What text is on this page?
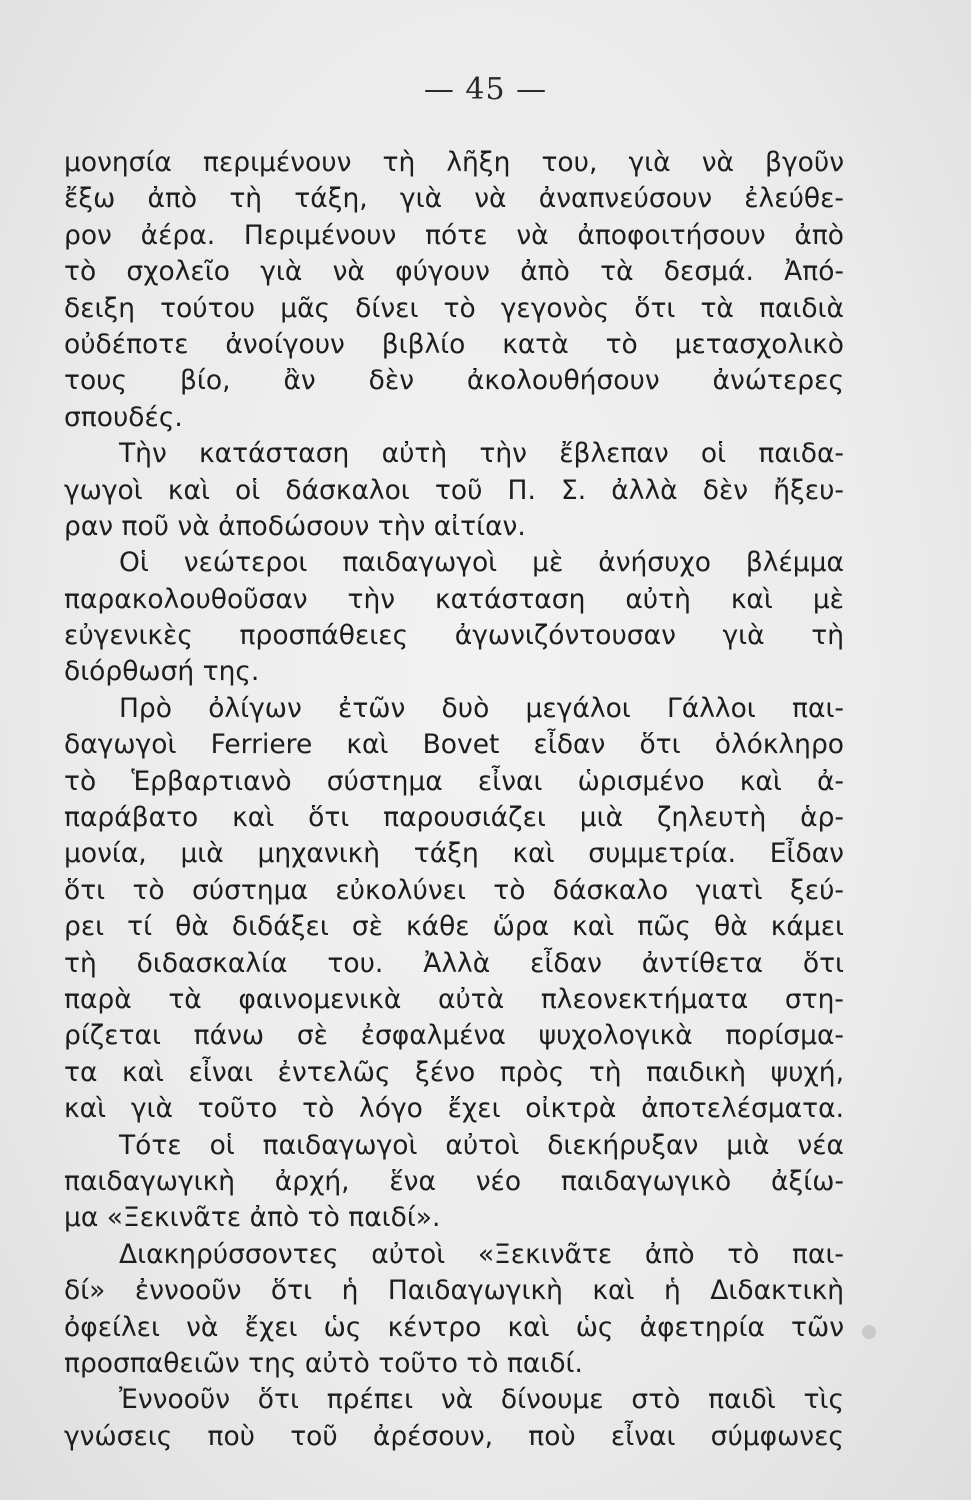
— 45 —
μονησία περιμένουν τὴ λῆξη του, γιὰ νὰ βγοῦν
ἔξω ἀπὸ τὴ τάξη, γιὰ νὰ ἀναπνεύσουν ἐλεύθε-
ρον ἀέρα. Περιμένουν πότε νὰ ἀποφοιτήσουν ἀπὸ
τὸ σχολεῖο γιὰ νὰ φύγουν ἀπὸ τὰ δεσμά. Ἀπό-
δειξη τούτου μᾶς δίνει τὸ γεγονὸς ὅτι τὰ παιδιὰ
οὐδέποτε ἀνοίγουν βιβλίο κατὰ τὸ μετασχολικὸ
τους βίο, ἂν δὲν ἀκολουθήσουν ἀνώτερες
σπουδές.
Τὴν κατάσταση αὐτὴ τὴν ἔβλεπαν οἱ παιδα-
γωγοὶ καὶ οἱ δάσκαλοι τοῦ Π. Σ. ἀλλὰ δὲν ἤξευ-
ραν ποῦ νὰ ἀποδώσουν τὴν αἰτίαν.
Οἱ νεώτεροι παιδαγωγοὶ μὲ ἀνήσυχο βλέμμα
παρακολουθοῦσαν τὴν κατάσταση αὐτὴ καὶ μὲ
εὐγενικὲς προσπάθειες ἀγωνιζόντουσαν γιὰ τὴ
διόρθωσή της.
Πρὸ ὀλίγων ἐτῶν δυὸ μεγάλοι Γάλλοι παι-
δαγωγοὶ Ferriere καὶ Bovet εἶδαν ὅτι ὁλόκληρο
τὸ Ἑρβαρτιανὸ σύστημα εἶναι ὡρισμένο καὶ ἀ-
παράβατο καὶ ὅτι παρουσιάζει μιὰ ζηλευτὴ ἁρ-
μονία, μιὰ μηχανικὴ τάξη καὶ συμμετρία. Εἶδαν
ὅτι τὸ σύστημα εὐκολύνει τὸ δάσκαλο γιατὶ ξεύ-
ρει τί θὰ διδάξει σὲ κάθε ὥρα καὶ πῶς θὰ κάμει
τὴ διδασκαλία του. Ἀλλὰ εἶδαν ἀντίθετα ὅτι
παρὰ τὰ φαινομενικὰ αὐτὰ πλεονεκτήματα στη-
ρίζεται πάνω σὲ ἐσφαλμένα ψυχολογικὰ πορίσμα-
τα καὶ εἶναι ἐντελῶς ξένο πρὸς τὴ παιδικὴ ψυχή,
καὶ γιὰ τοῦτο τὸ λόγο ἔχει οἰκτρὰ ἀποτελέσματα.
Τότε οἱ παιδαγωγοὶ αὐτοὶ διεκήρυξαν μιὰ νέα
παιδαγωγικὴ ἀρχή, ἕνα νέο παιδαγωγικὸ ἀξίω-
μα «Ξεκινᾶτε ἀπὸ τὸ παιδί».
Διακηρύσσοντες αὐτοὶ «Ξεκινᾶτε ἀπὸ τὸ παι-
δί» ἐννοοῦν ὅτι ἡ Παιδαγωγικὴ καὶ ἡ Διδακτικὴ
ὀφείλει νὰ ἔχει ὡς κέντρο καὶ ὡς ἀφετηρία τῶν
προσπαθειῶν της αὐτὸ τοῦτο τὸ παιδί.
Ἐννοοῦν ὅτι πρέπει νὰ δίνουμε στὸ παιδὶ τὶς
γνώσεις ποὺ τοῦ ἀρέσουν, ποὺ εἶναι σύμφωνες
